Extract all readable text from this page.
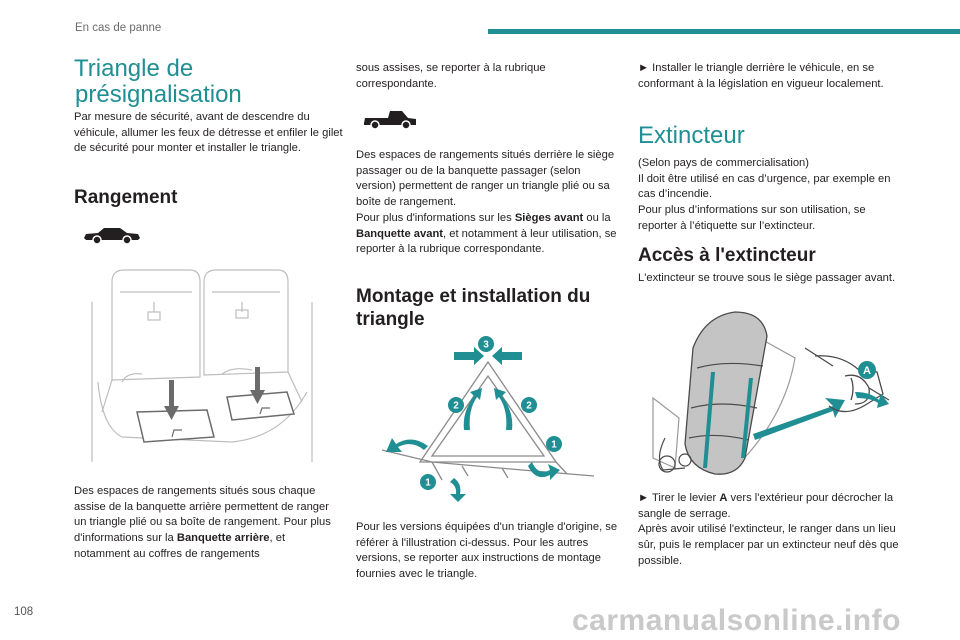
En cas de panne
Triangle de
présignalisation
Par mesure de sécurité, avant de descendre du véhicule, allumer les feux de détresse et enfiler le gilet de sécurité pour monter et installer le triangle.
Rangement
Des espaces de rangements situés sous chaque assise de la banquette arrière permettent de ranger un triangle plié ou sa boîte de rangement. Pour plus d'informations sur la Banquette arrière, et notamment au coffres de rangements
sous assises, se reporter à la rubrique correspondante.
Des espaces de rangements situés derrière le siège passager ou de la banquette passager (selon version) permettent de ranger un triangle plié ou sa boîte de rangement.
Pour plus d'informations sur les Sièges avant ou la Banquette avant, et notamment à leur utilisation, se reporter à la rubrique correspondante.
Montage et installation du triangle
3
2	2
1
1
Pour les versions équipées d'un triangle d'origine, se référer à l'illustration ci-dessus. Pour les autres versions, se reporter aux instructions de montage fournies avec le triangle.
► Installer le triangle derrière le véhicule, en se conformant à la législation en vigueur localement.
Extincteur
(Selon pays de commercialisation)
Il doit être utilisé en cas d’urgence, par exemple en cas d’incendie.
Pour plus d’informations sur son utilisation, se reporter à l’étiquette sur l’extincteur.
Accès à l'extincteur
L'extincteur se trouve sous le siège passager avant.
A
► Tirer le levier A vers l'extérieur pour décrocher la sangle de serrage.
Après avoir utilisé l'extincteur, le ranger dans un lieu sûr, puis le remplacer par un extincteur neuf dès que possible.
108	carmanualsonline.info
